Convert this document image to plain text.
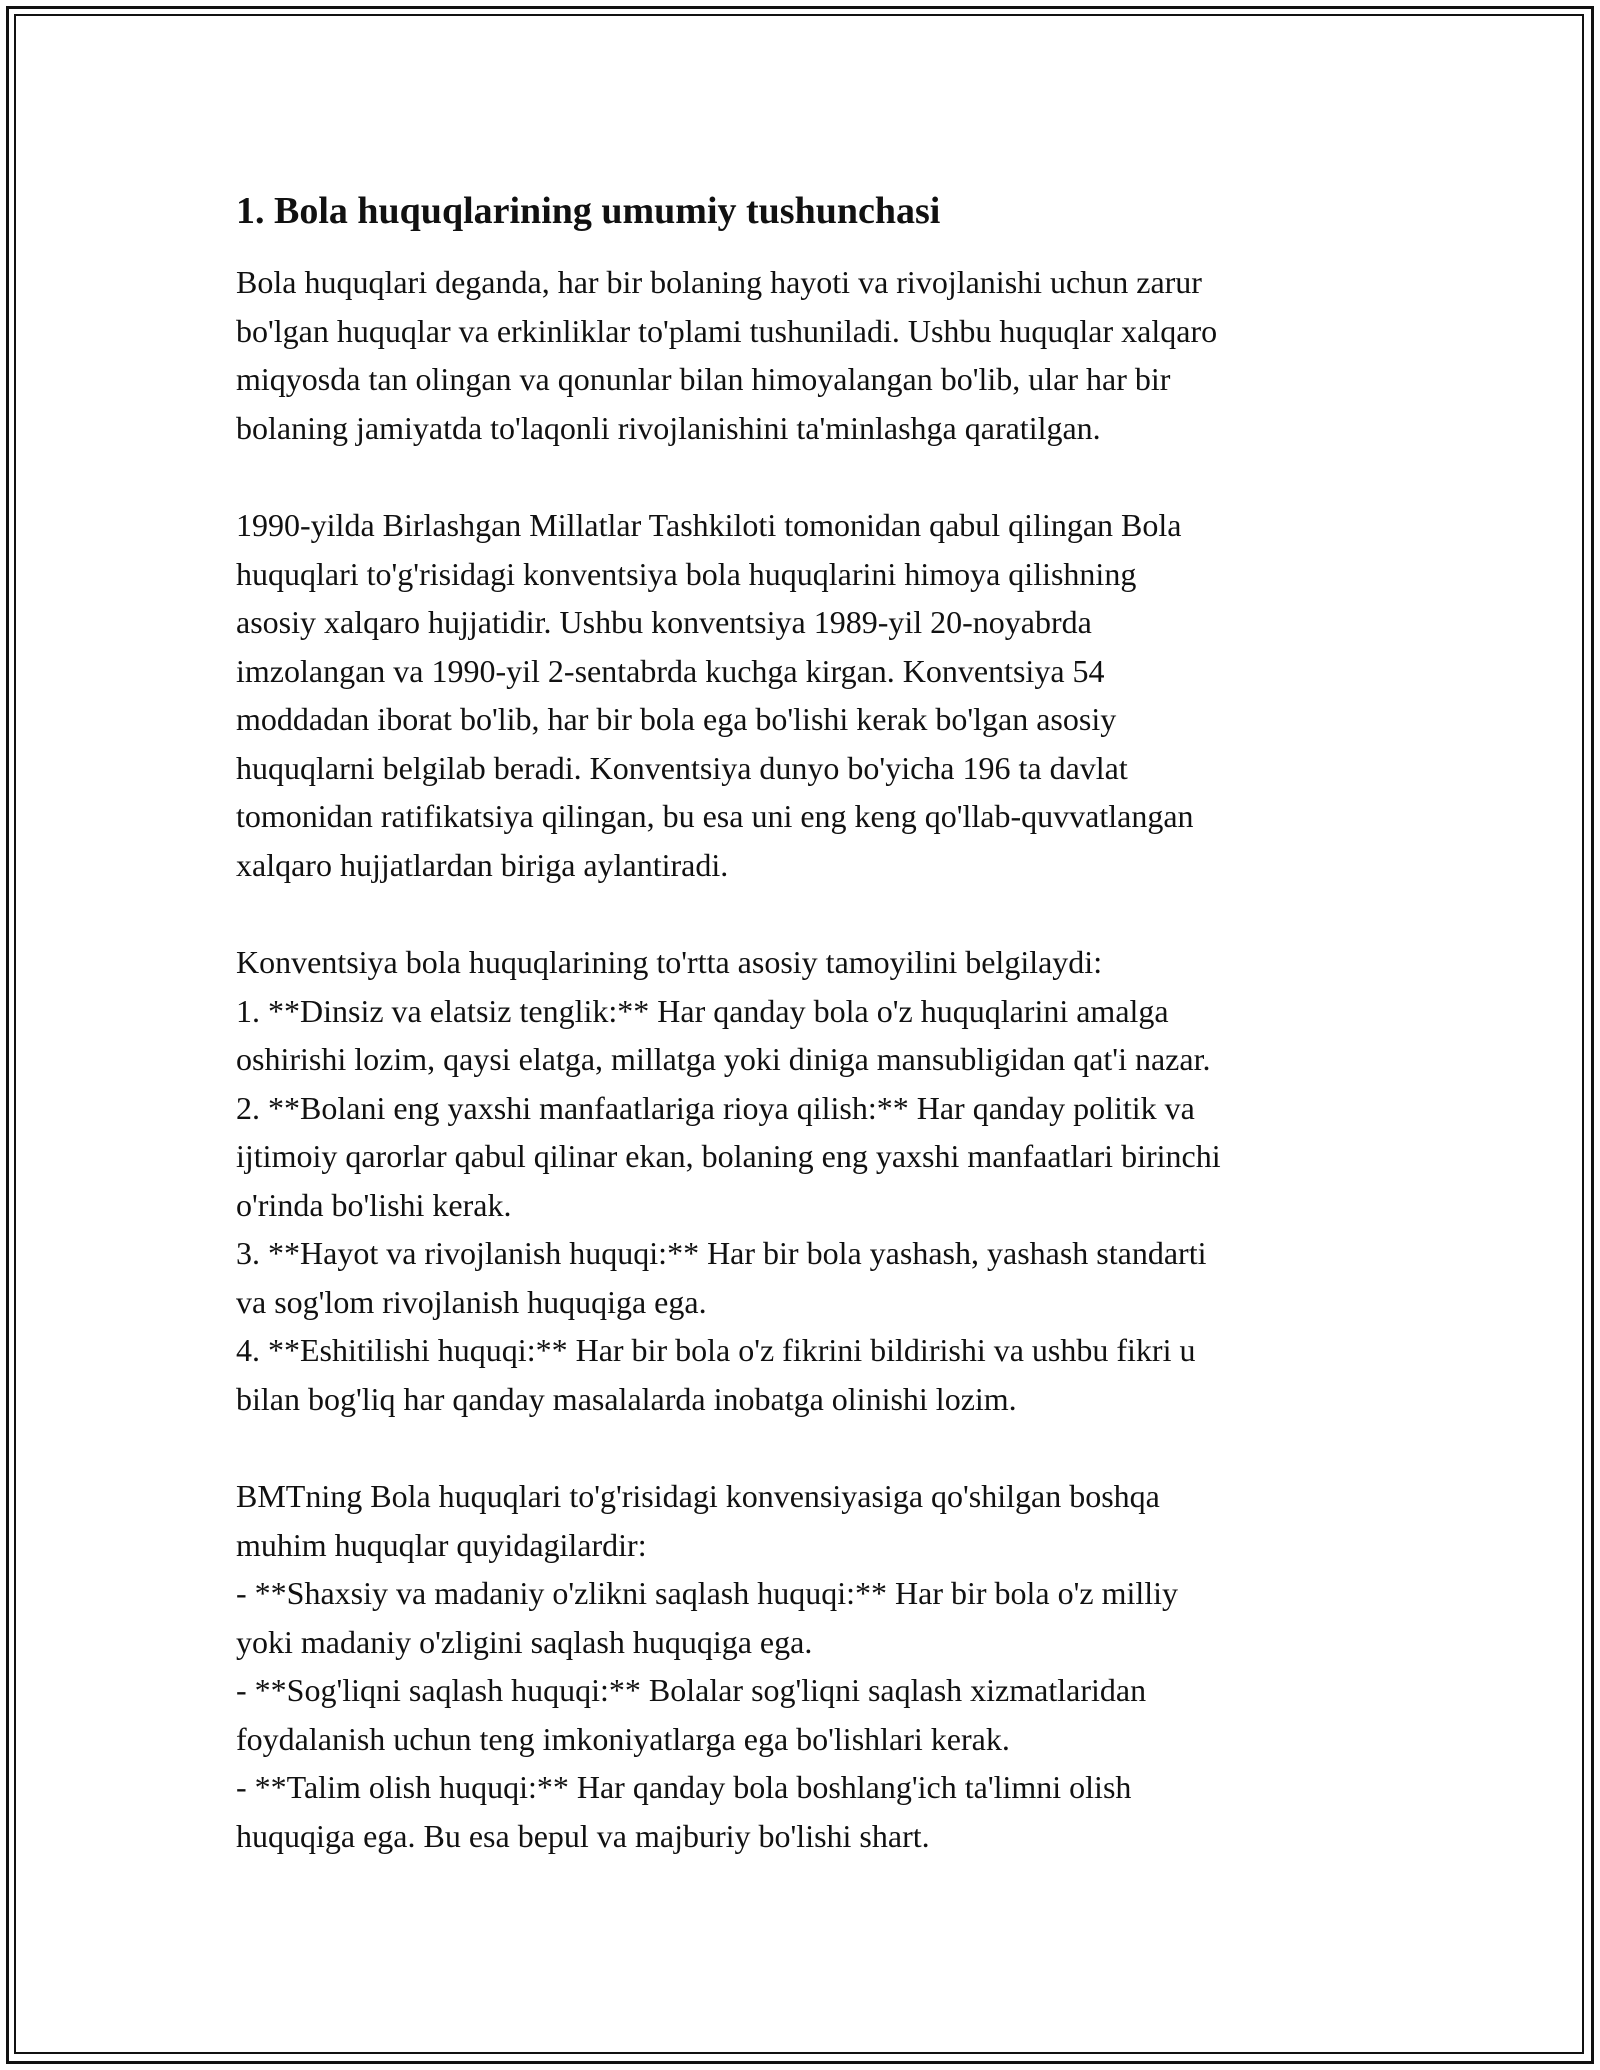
1. Bola huquqlarining umumiy tushunchasi
Bola huquqlari deganda, har bir bolaning hayoti va rivojlanishi uchun zarur
bo'lgan huquqlar va erkinliklar to'plami tushuniladi. Ushbu huquqlar xalqaro
miqyosda tan olingan va qonunlar bilan himoyalangan bo'lib, ular har bir
bolaning jamiyatda to'laqonli rivojlanishini ta'minlashga qaratilgan.
1990-yilda Birlashgan Millatlar Tashkiloti tomonidan qabul qilingan Bola
huquqlari to'g'risidagi konventsiya bola huquqlarini himoya qilishning
asosiy xalqaro hujjatidir. Ushbu konventsiya 1989-yil 20-noyabrda
imzolangan va 1990-yil 2-sentabrda kuchga kirgan. Konventsiya 54
moddadan iborat bo'lib, har bir bola ega bo'lishi kerak bo'lgan asosiy
huquqlarni belgilab beradi. Konventsiya dunyo bo'yicha 196 ta davlat
tomonidan ratifikatsiya qilingan, bu esa uni eng keng qo'llab-quvvatlangan
xalqaro hujjatlardan biriga aylantiradi.
Konventsiya bola huquqlarining to'rtta asosiy tamoyilini belgilaydi:
1. **Dinsiz va elatsiz tenglik:** Har qanday bola o'z huquqlarini amalga
oshirishi lozim, qaysi elatga, millatga yoki diniga mansubligidan qat'i nazar.
2. **Bolani eng yaxshi manfaatlariga rioya qilish:** Har qanday politik va
ijtimoiy qarorlar qabul qilinar ekan, bolaning eng yaxshi manfaatlari birinchi
o'rinda bo'lishi kerak.
3. **Hayot va rivojlanish huquqi:** Har bir bola yashash, yashash standarti
va sog'lom rivojlanish huquqiga ega.
4. **Eshitilishi huquqi:** Har bir bola o'z fikrini bildirishi va ushbu fikri u
bilan bog'liq har qanday masalalarda inobatga olinishi lozim.
BMTning Bola huquqlari to'g'risidagi konvensiyasiga qo'shilgan boshqa
muhim huquqlar quyidagilardir:
- **Shaxsiy va madaniy o'zlikni saqlash huquqi:** Har bir bola o'z milliy
yoki madaniy o'zligini saqlash huquqiga ega.
- **Sog'liqni saqlash huquqi:** Bolalar sog'liqni saqlash xizmatlaridan
foydalanish uchun teng imkoniyatlarga ega bo'lishlari kerak.
- **Talim olish huquqi:** Har qanday bola boshlang'ich ta'limni olish
huquqiga ega. Bu esa bepul va majburiy bo'lishi shart.
